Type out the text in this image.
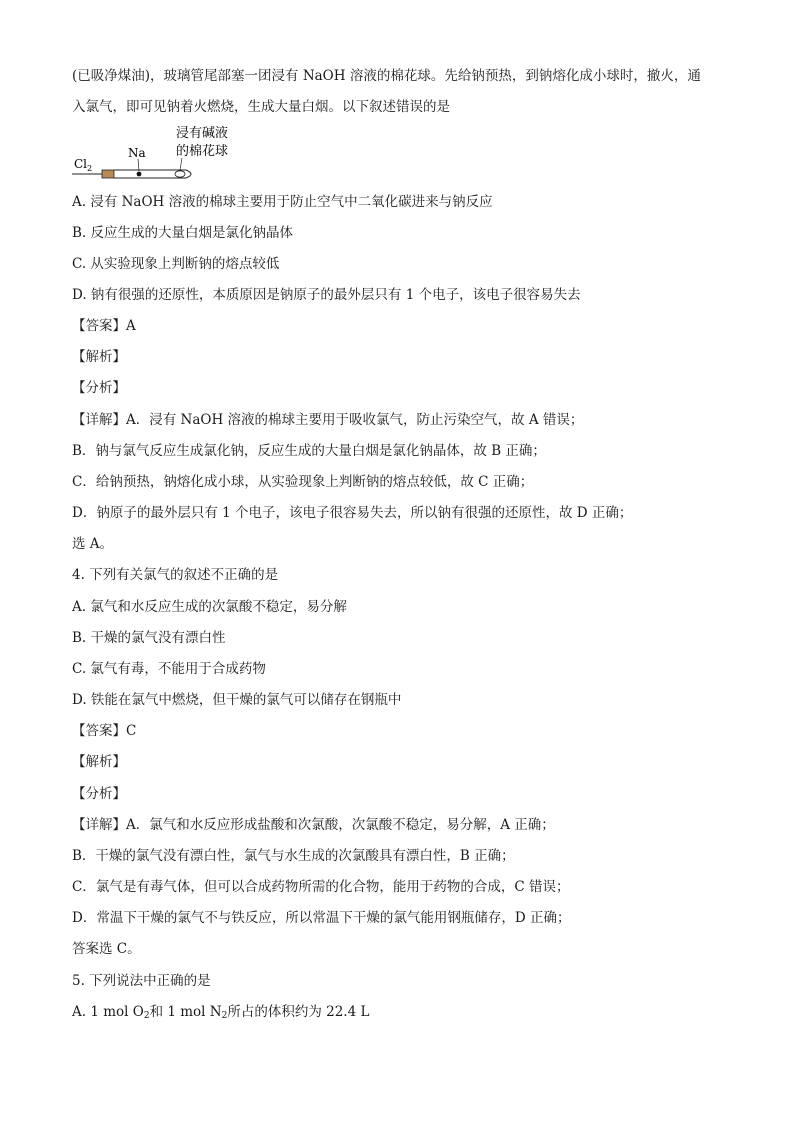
(已吸净煤油)，玻璃管尾部塞一团浸有 NaOH 溶液的棉花球。先给钠预热，到钠熔化成小球时，撤火，通
入氯气，即可见钠着火燃烧，生成大量白烟。以下叙述错误的是
$Cl_2$
Na
浸有碱液
的棉花球
A. 浸有 NaOH 溶液的棉球主要用于防止空气中二氧化碳进来与钠反应
B. 反应生成的大量白烟是氯化钠晶体
C. 从实验现象上判断钠的熔点较低
D. 钠有很强的还原性，本质原因是钠原子的最外层只有 1 个电子，该电子很容易失去
【答案】A
【解析】
【分析】
【详解】A．浸有 NaOH 溶液的棉球主要用于吸收氯气，防止污染空气，故 A 错误；
B．钠与氯气反应生成氯化钠，反应生成的大量白烟是氯化钠晶体，故 B 正确；
C．给钠预热，钠熔化成小球，从实验现象上判断钠的熔点较低，故 C 正确；
D．钠原子的最外层只有 1 个电子，该电子很容易失去，所以钠有很强的还原性，故 D 正确；
选 A。
4. 下列有关氯气的叙述不正确的是
A. 氯气和水反应生成的次氯酸不稳定，易分解
B. 干燥的氯气没有漂白性
C. 氯气有毒，不能用于合成药物
D. 铁能在氯气中燃烧，但干燥的氯气可以储存在钢瓶中
【答案】C
【解析】
【分析】
【详解】A．氯气和水反应形成盐酸和次氯酸，次氯酸不稳定，易分解，A 正确；
B．干燥的氯气没有漂白性，氯气与水生成的次氯酸具有漂白性，B 正确；
C．氯气是有毒气体，但可以合成药物所需的化合物，能用于药物的合成，C 错误；
D．常温下干燥的氯气不与铁反应，所以常温下干燥的氯气能用钢瓶储存，D 正确；
答案选 C。
5. 下列说法中正确的是
A. 1 mol $O_2$和 1 mol $N_2$所占的体积约为 22.4 L
